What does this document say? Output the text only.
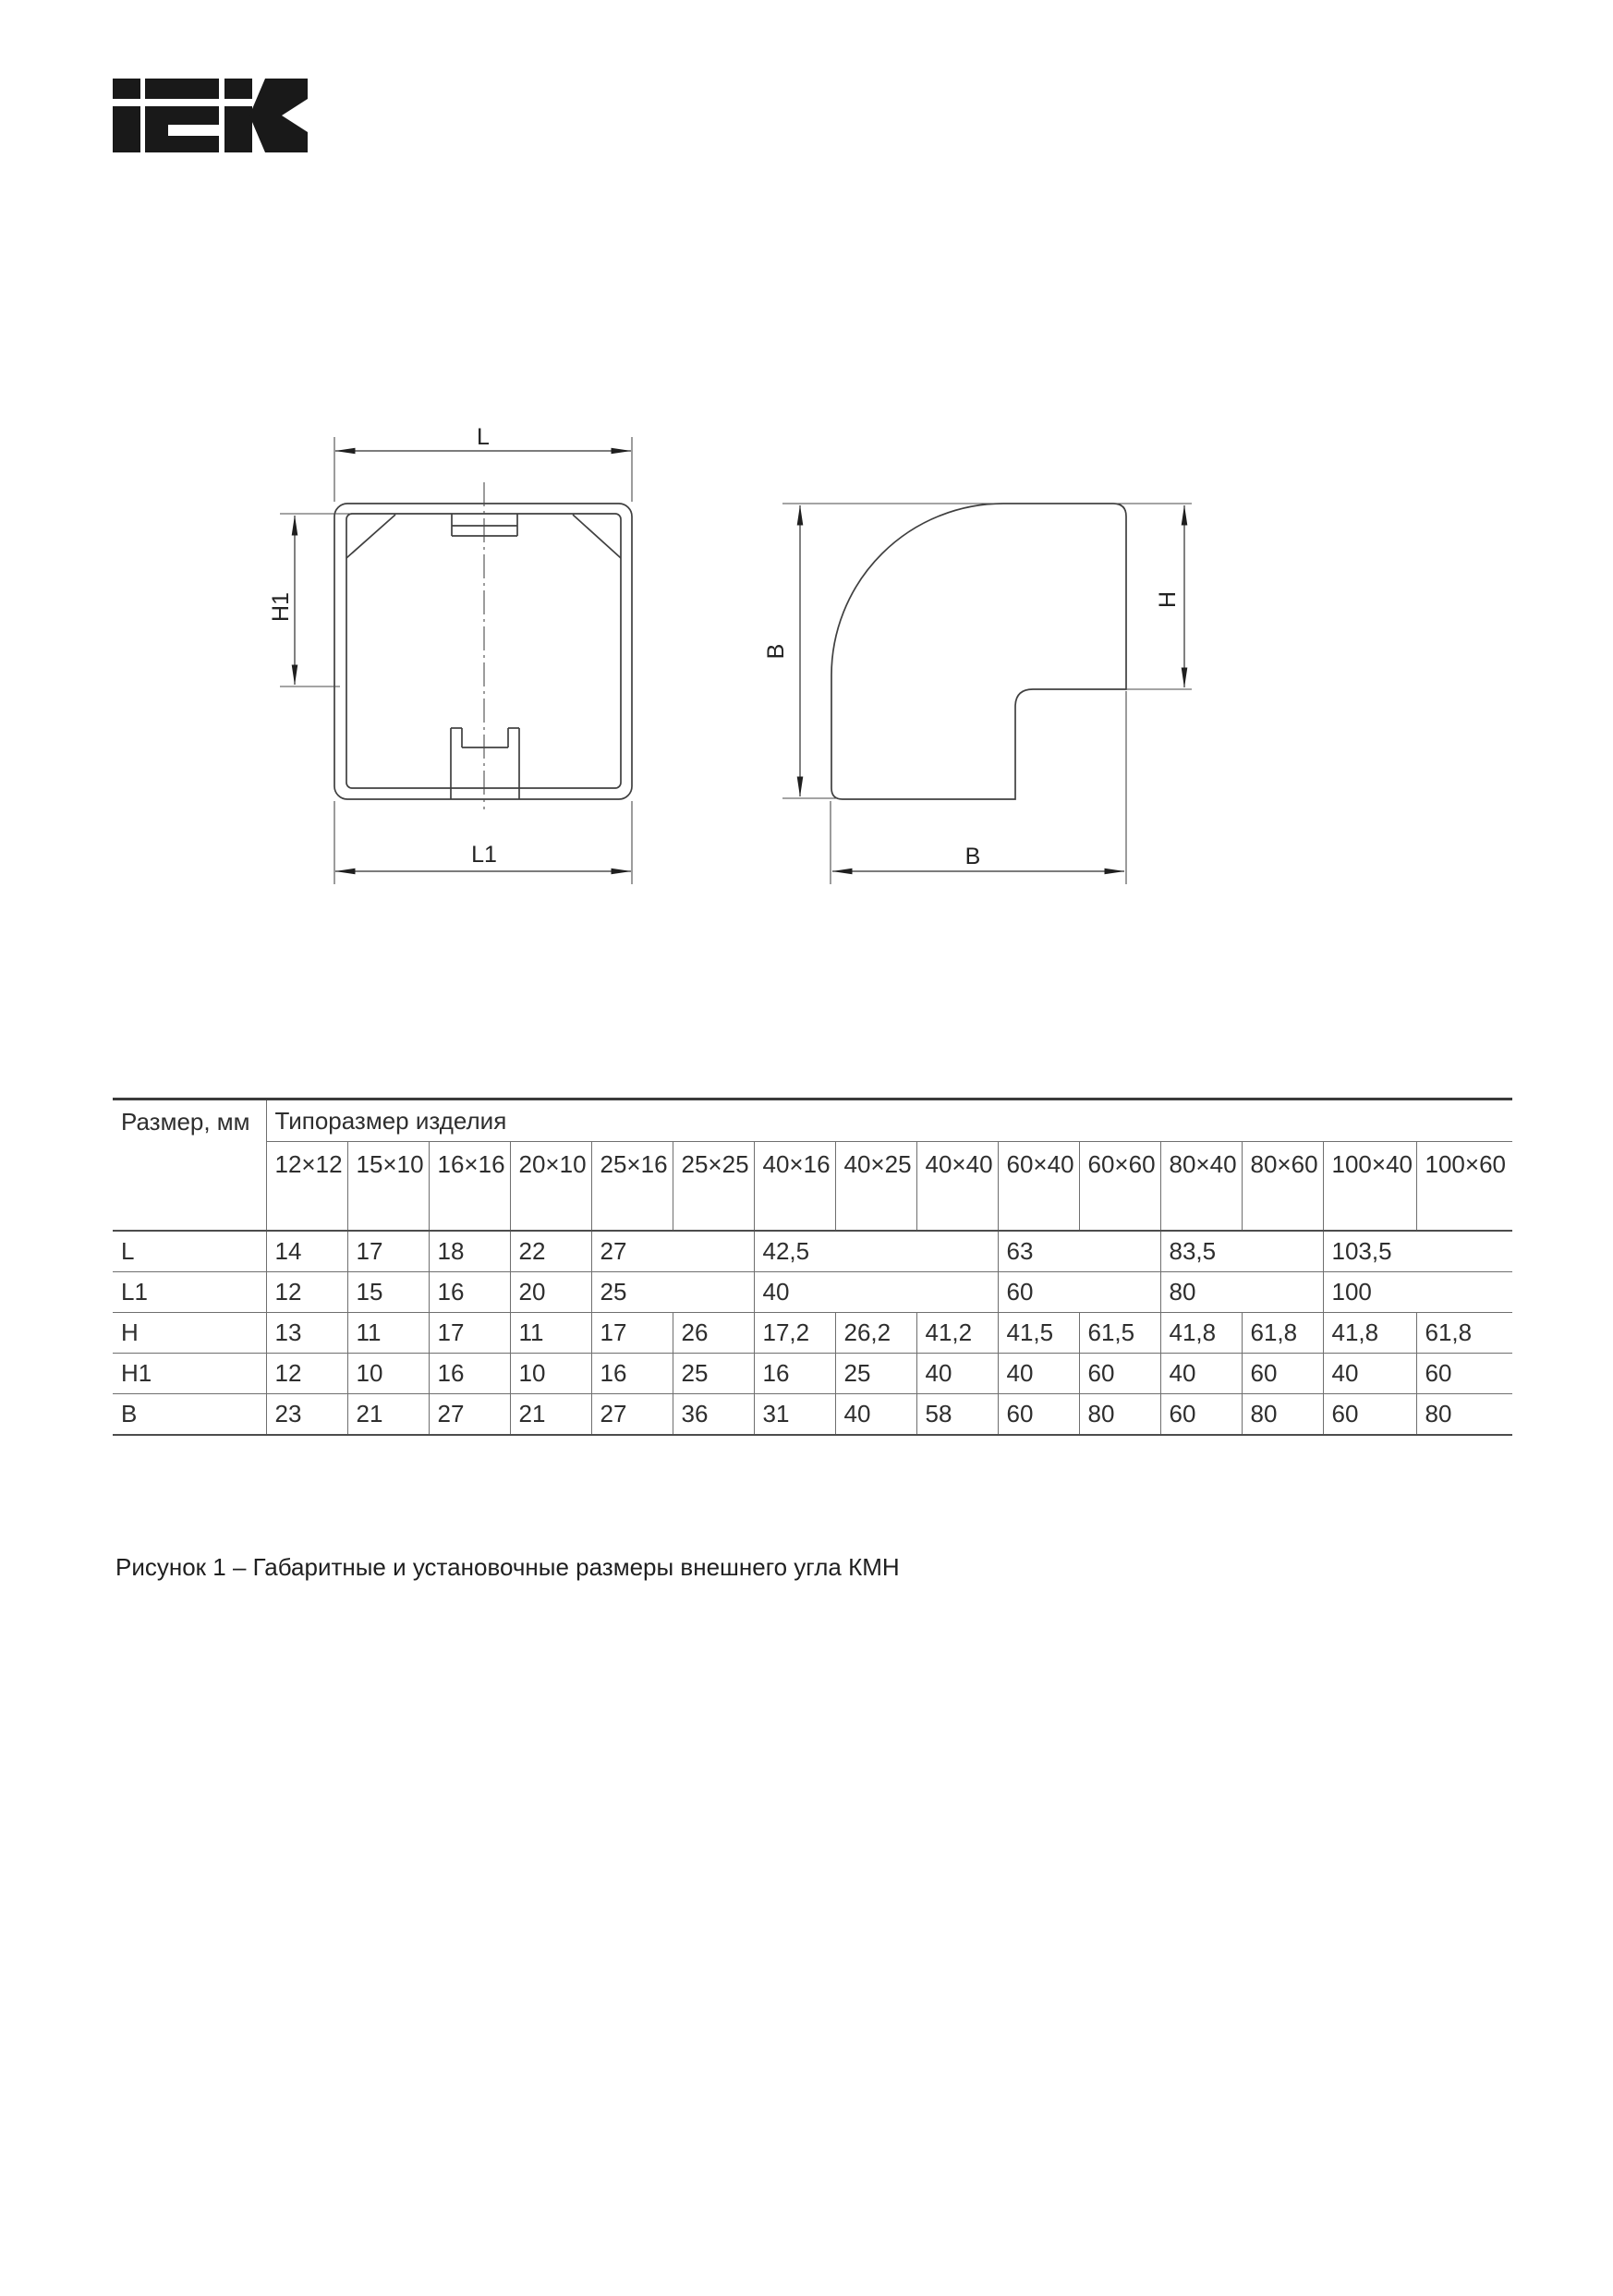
L
H1
L1
B
H
B
Размер, мм	Типоразмер изделия														
	12×12	15×10	16×16	20×10	25×16	25×25	40×16	40×25	40×40	60×40	60×60	80×40	80×60	100×40	100×60
L	14	17	18	22	27		42,5			63		83,5		103,5	
L1	12	15	16	20	25		40			60		80		100	
H	13	11	17	11	17	26	17,2	26,2	41,2	41,5	61,5	41,8	61,8	41,8	61,8
H1	12	10	16	10	16	25	16	25	40	40	60	40	60	40	60
B	23	21	27	21	27	36	31	40	58	60	80	60	80	60	80
Рисунок 1 – Габаритные и установочные размеры внешнего угла КМН
